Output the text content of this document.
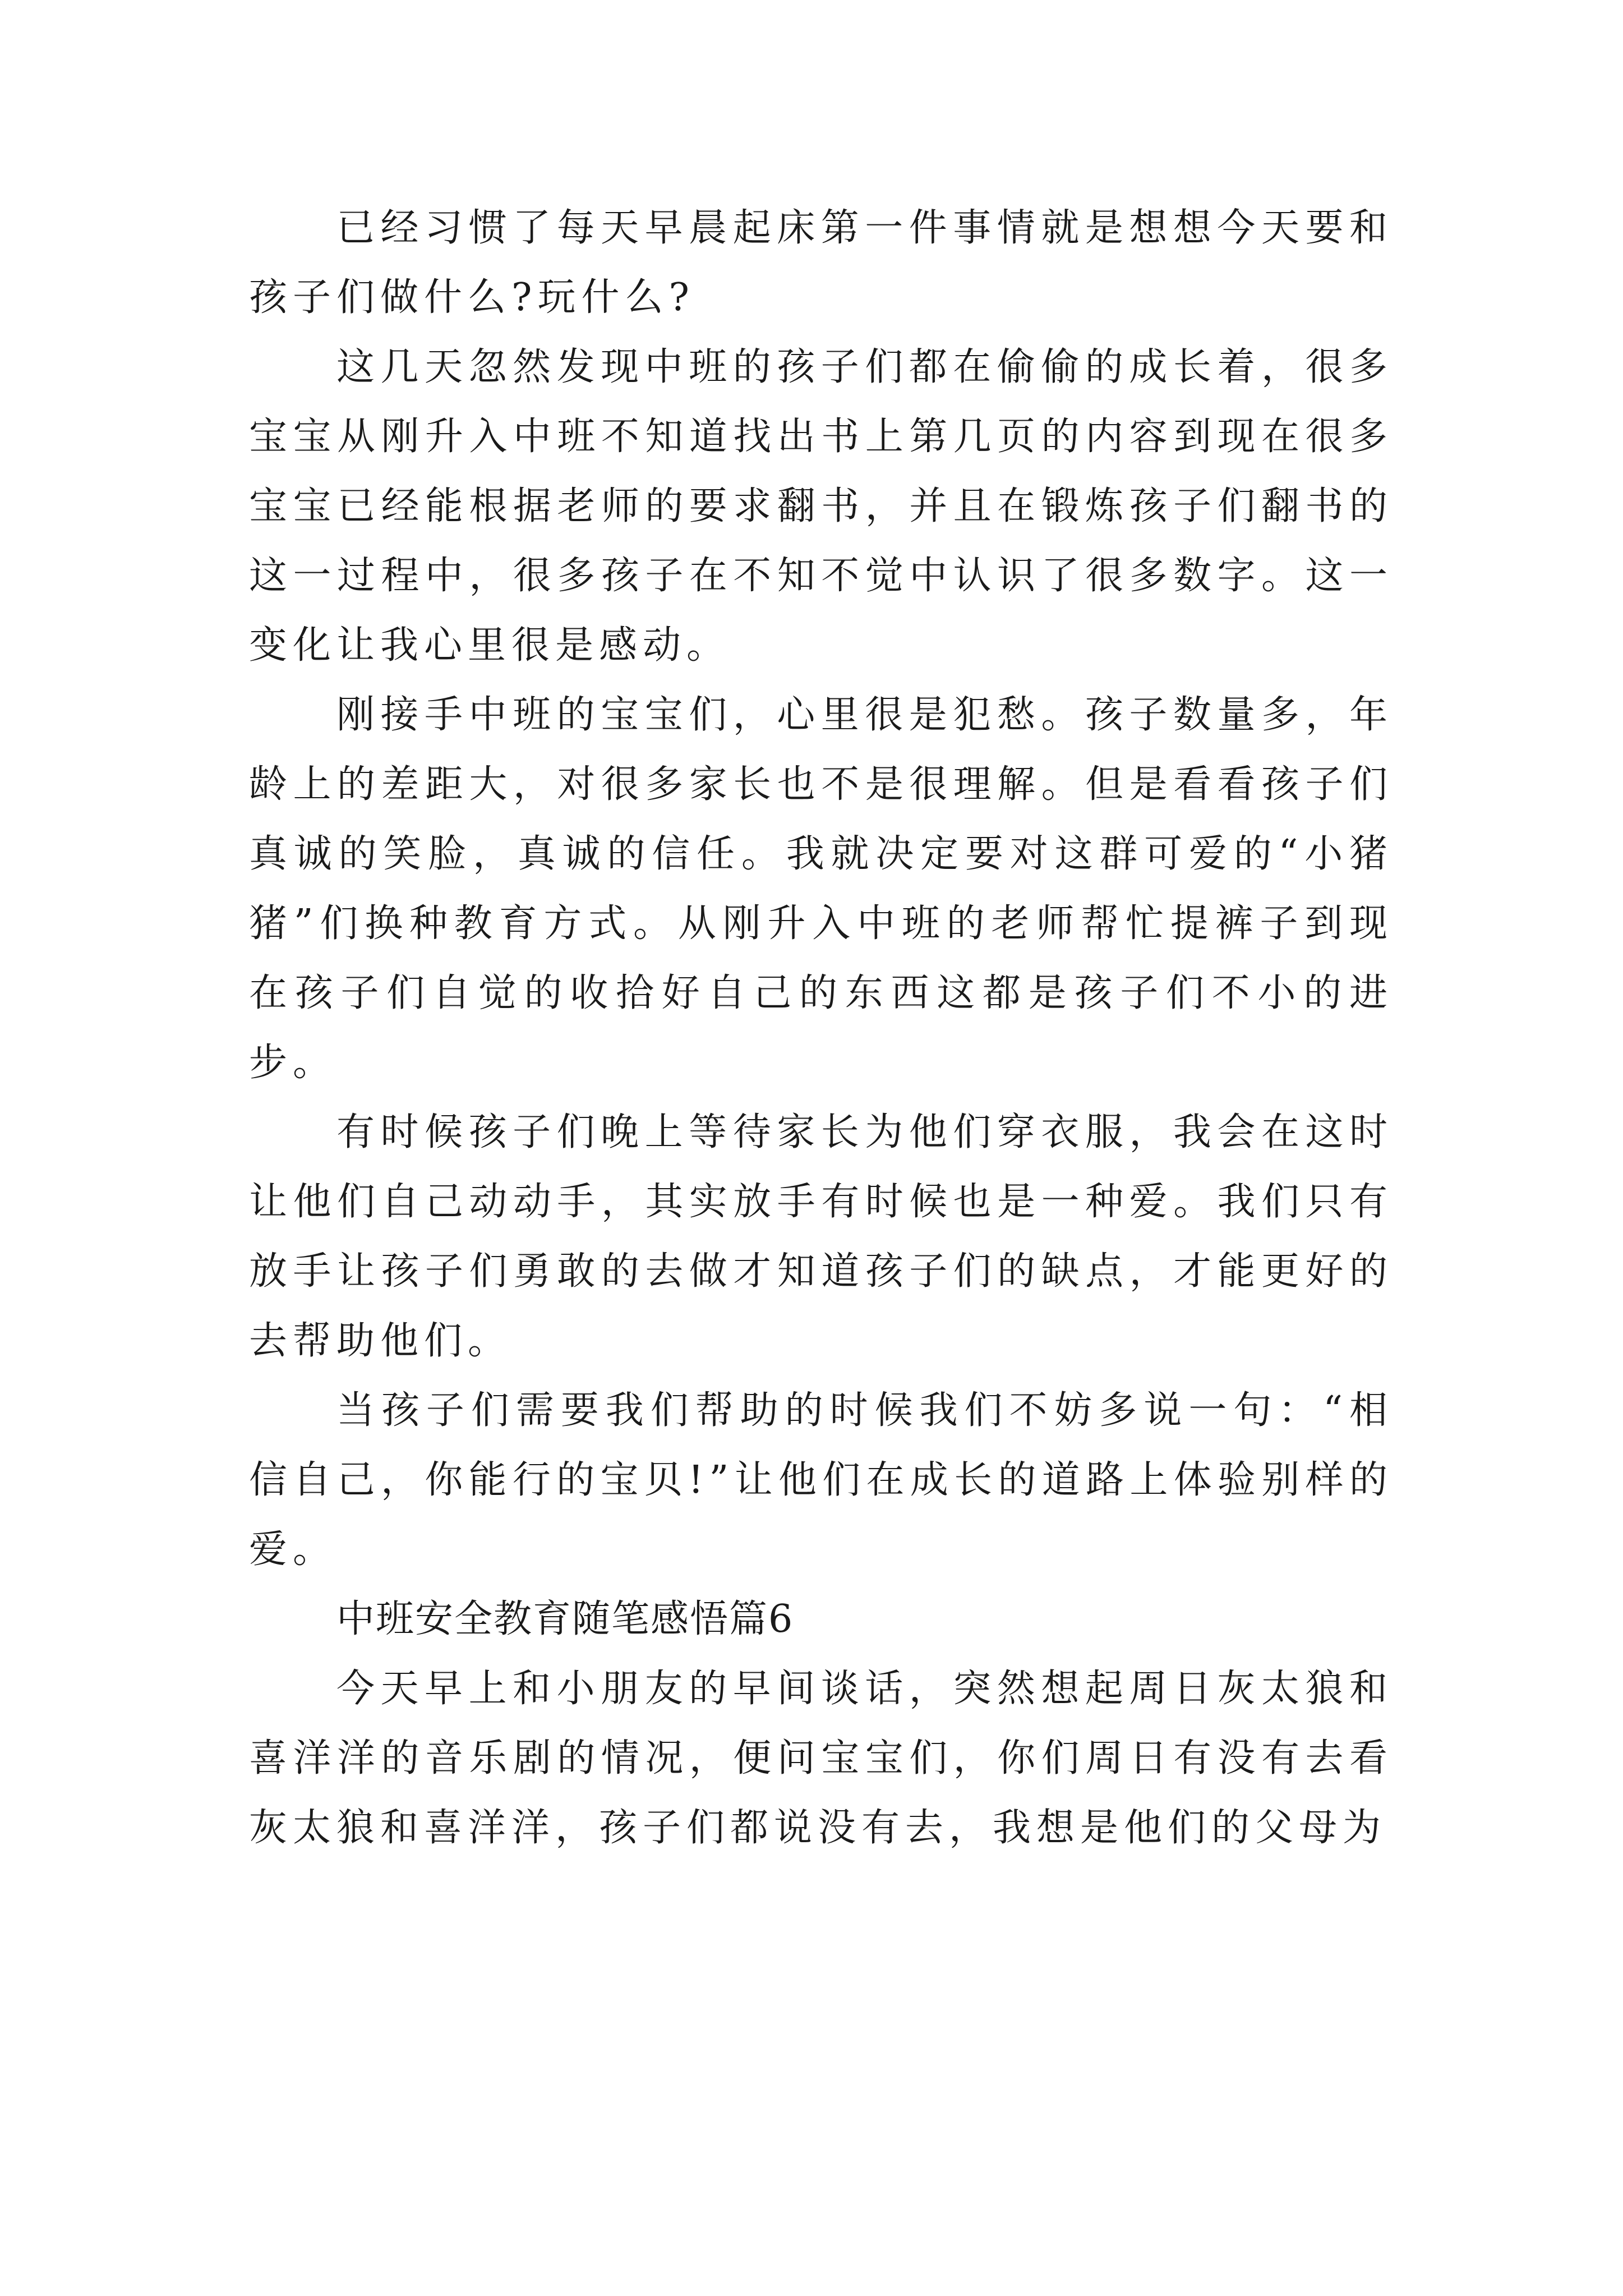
已经习惯了每天早晨起床第一件事情就是想想今天要和孩子们做什么?玩什么?

这几天忽然发现中班的孩子们都在偷偷的成长着，很多宝宝从刚升入中班不知道找出书上第几页的内容到现在很多宝宝已经能根据老师的要求翻书，并且在锻炼孩子们翻书的这一过程中，很多孩子在不知不觉中认识了很多数字。这一变化让我心里很是感动。

刚接手中班的宝宝们，心里很是犯愁。孩子数量多，年龄上的差距大，对很多家长也不是很理解。但是看看孩子们真诚的笑脸，真诚的信任。我就决定要对这群可爱的“小猪猪”们换种教育方式。从刚升入中班的老师帮忙提裤子到现在孩子们自觉的收拾好自己的东西这都是孩子们不小的进步。

有时候孩子们晚上等待家长为他们穿衣服，我会在这时让他们自己动动手，其实放手有时候也是一种爱。我们只有放手让孩子们勇敢的去做才知道孩子们的缺点，才能更好的去帮助他们。

当孩子们需要我们帮助的时候我们不妨多说一句：“相信自己，你能行的宝贝!”让他们在成长的道路上体验别样的爱。

中班安全教育随笔感悟篇6

今天早上和小朋友的早间谈话，突然想起周日灰太狼和喜洋洋的音乐剧的情况，便问宝宝们，你们周日有没有去看灰太狼和喜洋洋，孩子们都说没有去，我想是他们的父母为
